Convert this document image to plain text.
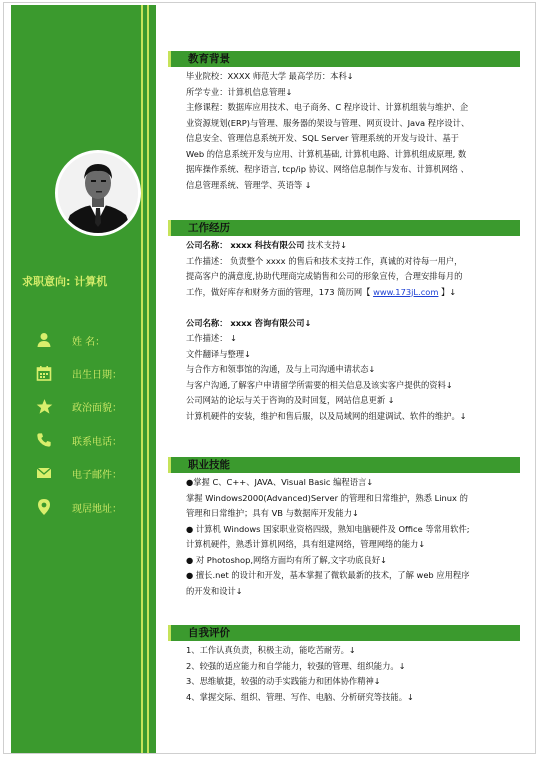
求职意向: 计算机
姓 名：
出生日期：
政治面貌：
联系电话：
电子邮件：
现居地址：
教育背景
毕业院校：XXXX 师范大学 最高学历：本科↓
所学专业：计算机信息管理↓
主修课程：数据库应用技术、电子商务、C 程序设计、计算机组装与维护、企
业资源规划(ERP)与管理、服务器的架设与管理、网页设计、Java 程序设计、
信息安全、管理信息系统开发、SQL Server 管理系统的开发与设计、基于
Web 的信息系统开发与应用、计算机基础, 计算机电路、计算机组成原理, 数
据库操作系统、程序语言, tcp/ip 协议、网络信息制作与发布、计算机网络 、
信息管理系统、管理学、英语等 ↓
工作经历
公司名称： xxxx 科技有限公司 技术支持↓
工作描述： 负责整个 xxxx 的售后和技术支持工作，真诚的对待每一用户，
提高客户的满意度,协助代理商完成销售和公司的形象宣传，合理安排每月的
工作，做好库存和财务方面的管理，173 简历网【 www.173jL.com 】↓

公司名称： xxxx 咨询有限公司↓
工作描述： ↓
文件翻译与整理↓
与合作方和领事馆的沟通，及与上司沟通申请状态↓
与客户沟通,了解客户申请留学所需要的相关信息及该实客户提供的资料↓
公司网站的论坛与关于咨询的及时回复，网站信息更新 ↓
计算机硬件的安装，维护和售后服，以及局域网的组建调试、软件的维护。↓
职业技能
●掌握 C、C++、JAVA、Visual Basic 编程语言↓
掌握 Windows2000(Advanced)Server 的管理和日常维护，熟悉 Linux 的
管理和日常维护；具有 VB 与数据库开发能力↓
● 计算机 Windows 国家职业资格四级，熟知电脑硬件及 Office 等常用软件;
计算机硬件，熟悉计算机网络，具有组建网络，管理网络的能力↓
● 对 Photoshop,网络方面均有所了解,文字功底良好↓
● 擅长.net 的设计和开发，基本掌握了微软最新的技术，了解 web 应用程序
的开发和设计↓
自我评价
1、工作认真负责，积极主动，能吃苦耐劳。↓
2、较强的适应能力和自学能力，较强的管理、组织能力。↓
3、思维敏捷，较强的动手实践能力和团体协作精神↓
4、掌握交际、组织、管理、写作、电脑、分析研究等技能。↓
